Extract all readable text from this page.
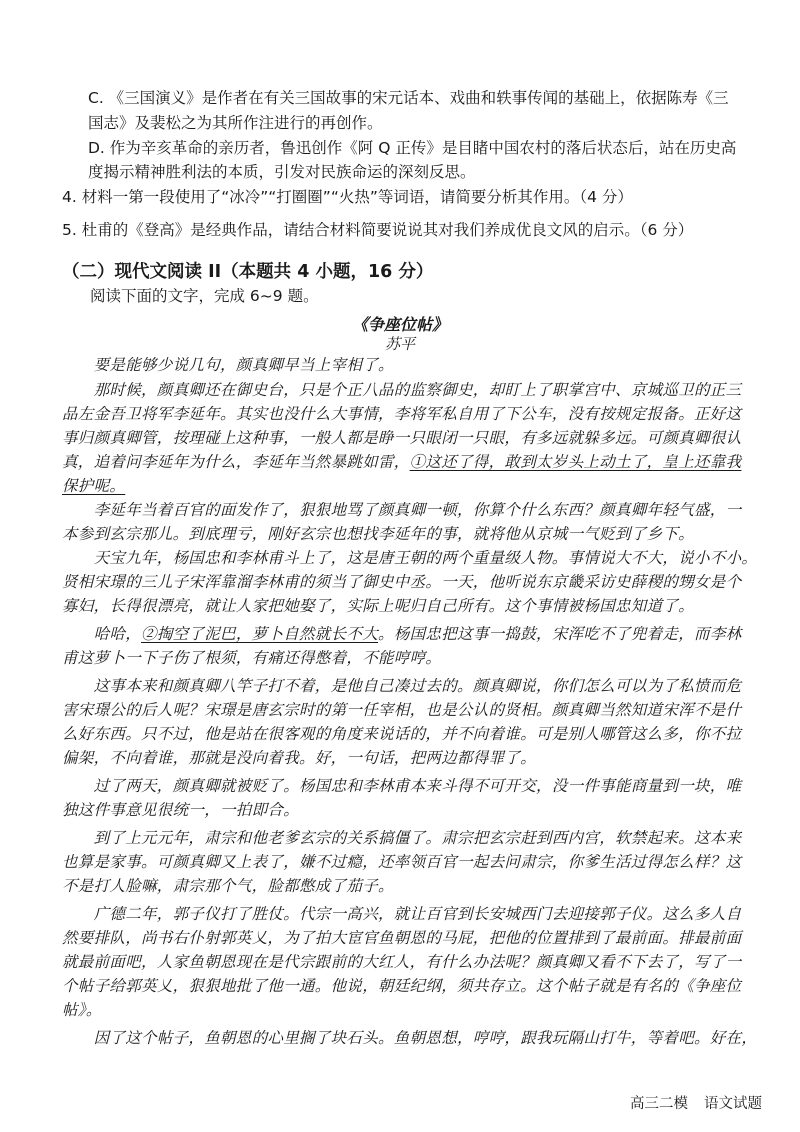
C. 《三国演义》是作者在有关三国故事的宋元话本、戏曲和轶事传闻的基础上，依据陈寿《三
国志》及裴松之为其所作注进行的再创作。
D. 作为辛亥革命的亲历者，鲁迅创作《阿 Q 正传》是目睹中国农村的落后状态后，站在历史高
度揭示精神胜利法的本质，引发对民族命运的深刻反思。
4. 材料一第一段使用了“冰冷”“打圈圈”“火热”等词语，请简要分析其作用。（4 分）
5. 杜甫的《登高》是经典作品，请结合材料简要说说其对我们养成优良文风的启示。（6 分）
（二）现代文阅读 II（本题共 4 小题，16 分）
阅读下面的文字，完成 6~9 题。
《争座位帖》
苏平
　　要是能够少说几句，颜真卿早当上宰相了。
　　那时候，颜真卿还在御史台，只是个正八品的监察御史，却盯上了职掌宫中、京城巡卫的正三
品左金吾卫将军李延年。其实也没什么大事情，李将军私自用了下公车，没有按规定报备。正好这
事归颜真卿管，按理碰上这种事，一般人都是睁一只眼闭一只眼，有多远就躲多远。可颜真卿很认
真，追着问李延年为什么，李延年当然暴跳如雷，①这还了得，敢到太岁头上动土了，皇上还靠我
保护呢。
　　李延年当着百官的面发作了，狠狠地骂了颜真卿一顿，你算个什么东西？颜真卿年轻气盛，一
本参到玄宗那儿。到底理亏，刚好玄宗也想找李延年的事，就将他从京城一气贬到了乡下。
　　天宝九年，杨国忠和李林甫斗上了，这是唐王朝的两个重量级人物。事情说大不大，说小不小。
贤相宋璟的三儿子宋浑靠溜李林甫的须当了御史中丞。一天，他听说东京畿采访史薛稷的甥女是个
寡妇，长得很漂亮，就让人家把她娶了，实际上呢归自己所有。这个事情被杨国忠知道了。
　　哈哈，②掏空了泥巴，萝卜自然就长不大。杨国忠把这事一捣鼓，宋浑吃不了兜着走，而李林
甫这萝卜一下子伤了根须，有痛还得憋着，不能哼哼。
　　这事本来和颜真卿八竿子打不着，是他自己凑过去的。颜真卿说，你们怎么可以为了私愤而危
害宋璟公的后人呢？宋璟是唐玄宗时的第一任宰相，也是公认的贤相。颜真卿当然知道宋浑不是什
么好东西。只不过，他是站在很客观的角度来说话的，并不向着谁。可是别人哪管这么多，你不拉
偏架，不向着谁，那就是没向着我。好，一句话，把两边都得罪了。
　　过了两天，颜真卿就被贬了。杨国忠和李林甫本来斗得不可开交，没一件事能商量到一块，唯
独这件事意见很统一，一拍即合。
　　到了上元元年，肃宗和他老爹玄宗的关系搞僵了。肃宗把玄宗赶到西内宫，软禁起来。这本来
也算是家事。可颜真卿又上表了，嫌不过瘾，还率领百官一起去问肃宗，你爹生活过得怎么样？这
不是打人脸嘛，肃宗那个气，脸都憋成了茄子。
　　广德二年，郭子仪打了胜仗。代宗一高兴，就让百官到长安城西门去迎接郭子仪。这么多人自
然要排队，尚书右仆射郭英乂，为了拍大宦官鱼朝恩的马屁，把他的位置排到了最前面。排最前面
就最前面吧，人家鱼朝恩现在是代宗跟前的大红人，有什么办法呢？颜真卿又看不下去了，写了一
个帖子给郭英乂，狠狠地批了他一通。他说，朝廷纪纲，须共存立。这个帖子就是有名的《争座位
帖》。
　　因了这个帖子，鱼朝恩的心里搁了块石头。鱼朝恩想，哼哼，跟我玩隔山打牛，等着吧。好在，
高三二模 语文试题
